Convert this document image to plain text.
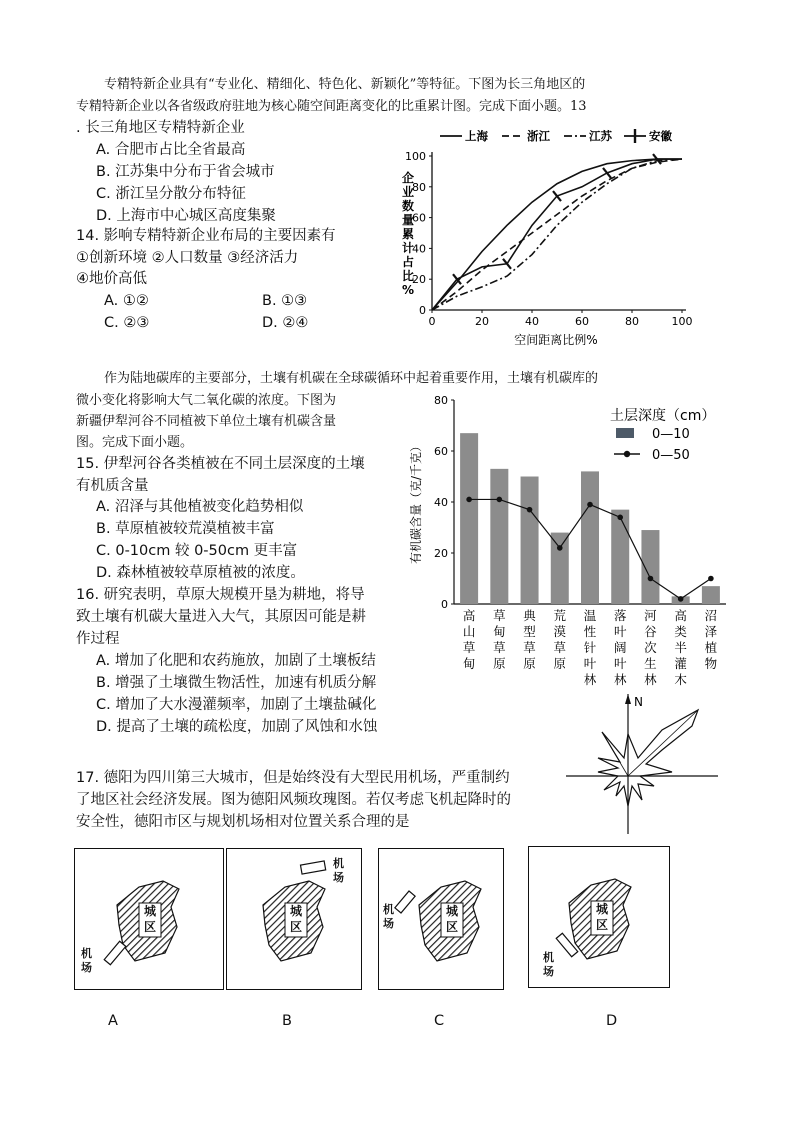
专精特新企业具有“专业化、精细化、特色化、新颖化”等特征。下图为长三角地区的
专精特新企业以各省级政府驻地为核心随空间距离变化的比重累计图。完成下面小题。13
. 长三角地区专精特新企业
A. 合肥市占比全省最高
B. 江苏集中分布于省会城市
C. 浙江呈分散分布特征
D. 上海市中心城区高度集聚
14. 影响专精特新企业布局的主要因素有
①创新环境 ②人口数量 ③经济活力
④地价高低
A. ①②	B. ①③
C. ②③	D. ②④
上海	浙江	江苏	安徽
企业数量累计占比%
0	20	40	60	80	100
0
20
40
60
80
100
空间距离比例%
作为陆地碳库的主要部分，土壤有机碳在全球碳循环中起着重要作用，土壤有机碳库的
微小变化将影响大气二氧化碳的浓度。下图为
新疆伊犁河谷不同植被下单位土壤有机碳含量
图。完成下面小题。
15. 伊犁河谷各类植被在不同土层深度的土壤
有机质含量
A. 沼泽与其他植被变化趋势相似
B. 草原植被较荒漠植被丰富
C. 0-10cm 较 0-50cm 更丰富
D. 森林植被较草原植被的浓度。
16. 研究表明，草原大规模开垦为耕地，将导
致土壤有机碳大量进入大气，其原因可能是耕
作过程
A. 增加了化肥和农药施放，加剧了土壤板结
B. 增强了土壤微生物活性，加速有机质分解
C. 增加了大水漫灌频率，加剧了土壤盐碱化
D. 提高了土壤的疏松度，加剧了风蚀和水蚀
0
20
40
60
80
高山草甸
草甸草原
典型草原
荒漠草原
温性针叶林
落叶阔叶林
河谷次生林
高类半灌木
沼泽植物
土层深度（cm）
0—10
0—50
有机碳含量（克/千克）
N
17. 德阳为四川第三大城市，但是始终没有大型民用机场，严重制约
了地区社会经济发展。图为德阳风频玫瑰图。若仅考虑飞机起降时的
安全性，德阳市区与规划机场相对位置关系合理的是
城
区
机
场
城
区
机
场
城
区
机
场
城
区
机
场
A	B	C	D
